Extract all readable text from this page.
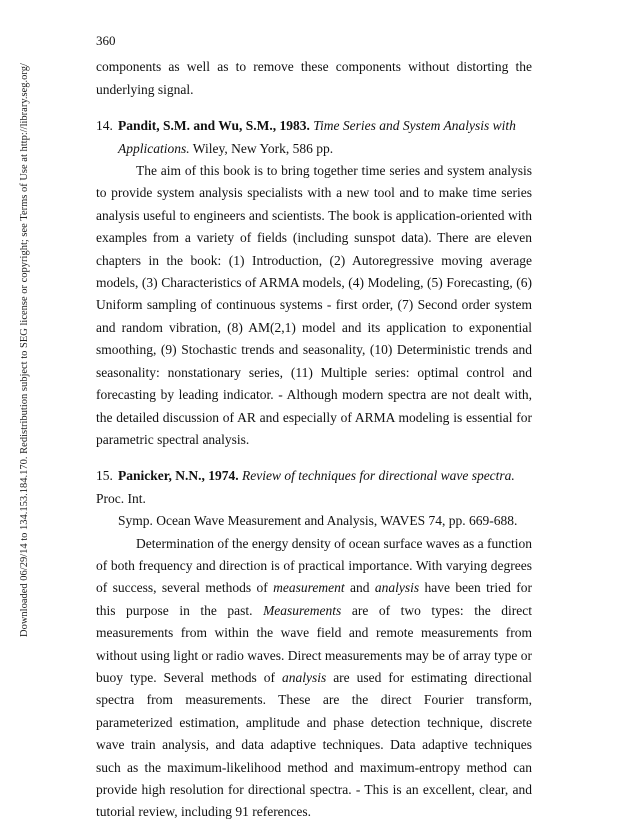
Downloaded 06/29/14 to 134.153.184.170. Redistribution subject to SEG license or copyright; see Terms of Use at http://library.seg.org/
360

components as well as to remove these components without distorting the underlying signal.

14. Pandit, S.M. and Wu, S.M., 1983. Time Series and System Analysis with

Applications. Wiley, New York, 586 pp.

The aim of this book is to bring together time series and system analysis to provide system analysis specialists with a new tool and to make time series analysis useful to engineers and scientists. The book is application-oriented with examples from a variety of fields (including sunspot data). There are eleven chapters in the book: (1) Introduction, (2) Autoregressive moving average models, (3) Characteristics of ARMA models, (4) Modeling, (5) Forecasting, (6) Uniform sampling of continuous systems - first order, (7) Second order system and random vibration, (8) AM(2,1) model and its application to exponential smoothing, (9) Stochastic trends and seasonality, (10) Deterministic trends and seasonality: nonstationary series, (11) Multiple series: optimal control and forecasting by leading indicator. - Although modern spectra are not dealt with, the detailed discussion of AR and especially of ARMA modeling is essential for parametric spectral analysis.

15. Panicker, N.N., 1974. Review of techniques for directional wave spectra. Proc. Int.

Symp. Ocean Wave Measurement and Analysis, WAVES 74, pp. 669-688.

Determination of the energy density of ocean surface waves as a function of both frequency and direction is of practical importance. With varying degrees of success, several methods of measurement and analysis have been tried for this purpose in the past. Measurements are of two types: the direct measurements from within the wave field and remote measurements from without using light or radio waves. Direct measurements may be of array type or buoy type. Several methods of analysis are used for estimating directional spectra from measurements. These are the direct Fourier transform, parameterized estimation, amplitude and phase detection technique, discrete wave train analysis, and data adaptive techniques. Data adaptive techniques such as the maximum-likelihood method and maximum-entropy method can provide high resolution for directional spectra. - This is an excellent, clear, and tutorial review, including 91 references.
